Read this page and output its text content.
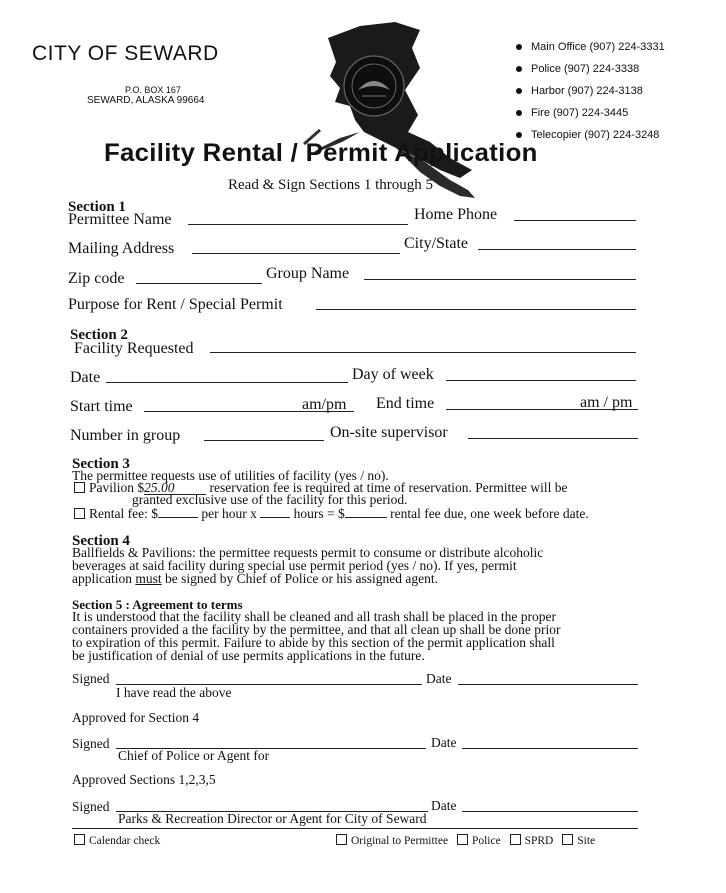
CITY OF SEWARD
P.O. BOX 167
SEWARD, ALASKA 99664
Main Office (907) 224-3331
Police (907) 224-3338
Harbor (907) 224-3138
Fire (907) 224-3445
Telecopier (907) 224-3248
Facility Rental / Permit Application
Read & Sign Sections 1 through 5
Section 1
Permittee Name	Home Phone
Mailing Address	City/State
Zip code	Group Name
Purpose for Rent / Special Permit
Section 2
Facility Requested
Date	Day of week
Start time	am/pm End time	am / pm
Number in group	On-site supervisor
Section 3
The permittee requests use of utilities of facility (yes / no).
Pavilion $25.00	reservation fee is required at time of reservation. Permittee will be
granted exclusive use of the facility for this period.
Rental fee: $	per hour x	hours = $	rental fee due, one week before date.
Section 4
Ballfields & Pavilions: the permittee requests permit to consume or distribute alcoholic
beverages at said facility during special use permit period (yes / no). If yes, permit
application must be signed by Chief of Police or his assigned agent.
Section 5 : Agreement to terms
It is understood that the facility shall be cleaned and all trash shall be placed in the proper
containers provided a the facility by the permittee, and that all clean up shall be done prior
to expiration of this permit. Failure to abide by this section of the permit application shall
be justification of denial of use permits applications in the future.
Signed
I have read the above
Date
Approved for Section 4
Signed
Chief of Police or Agent for
Date
Approved Sections 1,2,3,5
Signed
Parks & Recreation Director or Agent for City of Seward
Date
Calendar check	Original to Permittee Police SPRD Site
